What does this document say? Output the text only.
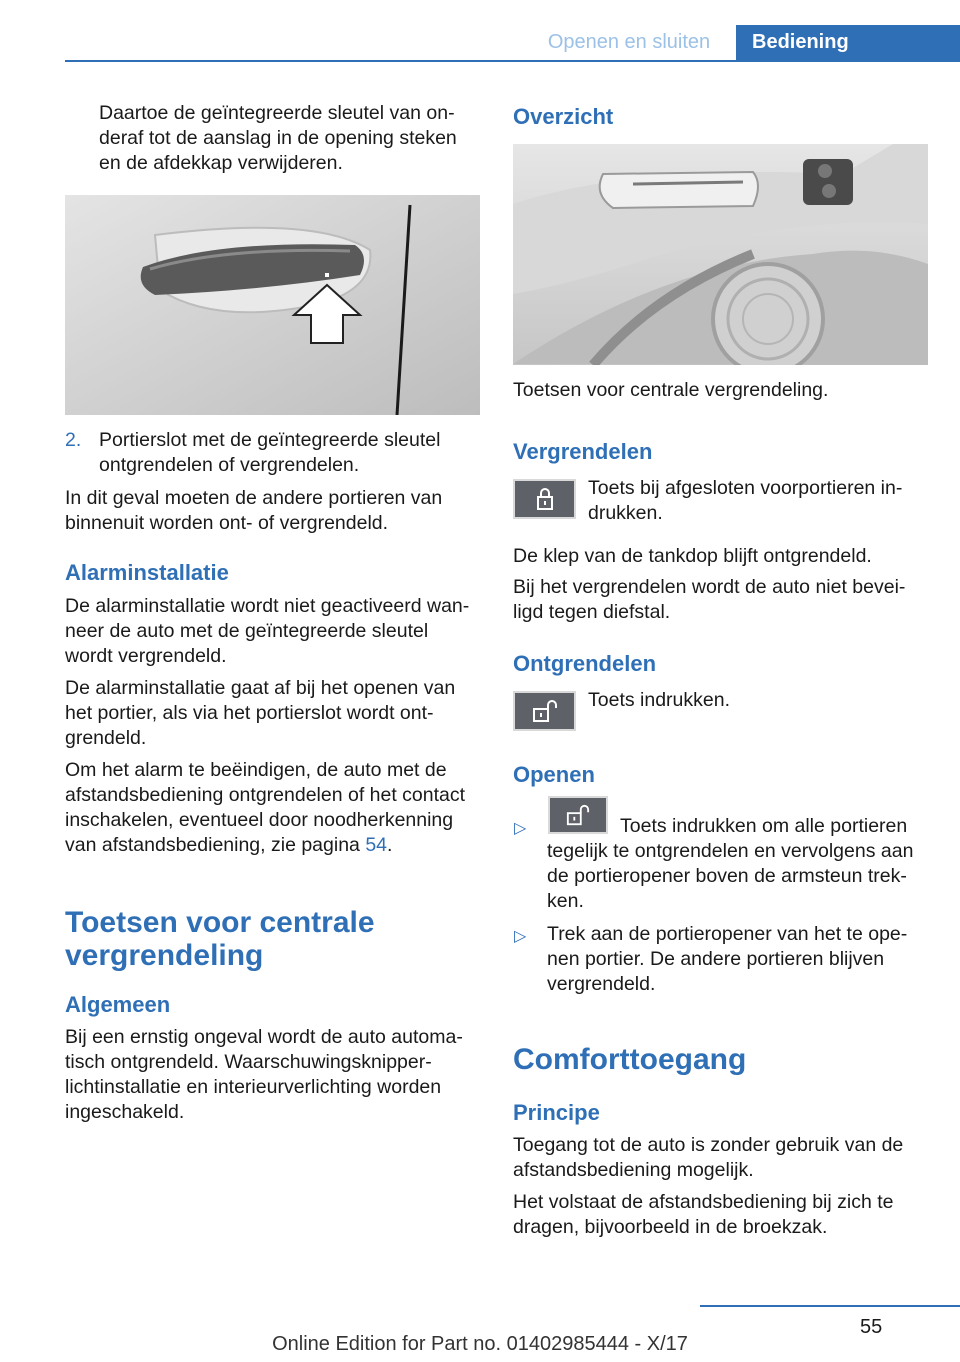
Openen en sluiten	Bediening

Daartoe de geïntegreerde sleutel van on-

deraf tot de aanslag in de opening steken

en de afdekkap verwijderen.

2. Portierslot met de geïntegreerde sleutel

ontgrendelen of vergrendelen.

In dit geval moeten de andere portieren van

binnenuit worden ont- of vergrendeld.

Alarminstallatie

De alarminstallatie wordt niet geactiveerd wan-

neer de auto met de geïntegreerde sleutel

wordt vergrendeld.

De alarminstallatie gaat af bij het openen van

het portier, als via het portierslot wordt ont-

grendeld.

Om het alarm te beëindigen, de auto met de

afstandsbediening ontgrendelen of het contact

inschakelen, eventueel door noodherkenning

van afstandsbediening, zie pagina 54.

Toetsen voor centrale
vergrendeling
Algemeen

Bij een ernstig ongeval wordt de auto automa-

tisch ontgrendeld. Waarschuwingsknipper-

lichtinstallatie en interieurverlichting worden

ingeschakeld.

Overzicht
Toetsen voor centrale vergrendeling.
Vergrendelen

Toets bij afgesloten voorportieren in-

drukken.

De klep van de tankdop blijft ontgrendeld.

Bij het vergrendelen wordt de auto niet bevei-

ligd tegen diefstal.

Ontgrendelen
Toets indrukken.
Openen
▷	Toets indrukken om alle portieren

tegelijk te ontgrendelen en vervolgens aan

de portieropener boven de armsteun trek-

ken.

▷ Trek aan de portieropener van het te ope-

nen portier. De andere portieren blijven

vergrendeld.

Comforttoegang
Principe

Toegang tot de auto is zonder gebruik van de

afstandsbediening mogelijk.

Het volstaat de afstandsbediening bij zich te

dragen, bijvoorbeeld in de broekzak.

55
Online Edition for Part no. 01402985444 - X/17
